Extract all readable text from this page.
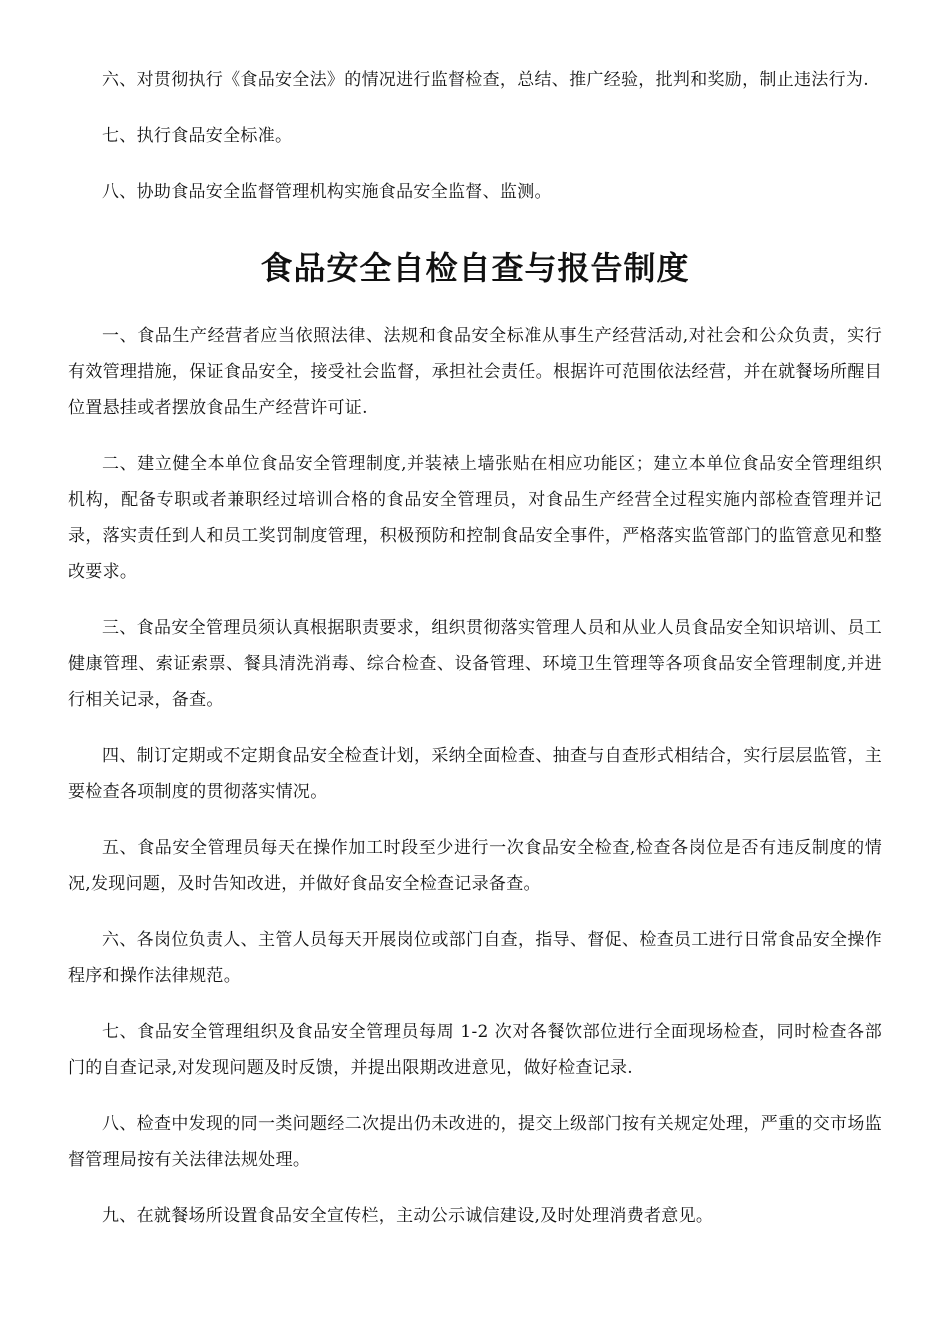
六、对贯彻执行《食品安全法》的情况进行监督检查，总结、推广经验，批判和奖励，制止违法行为.

七、执行食品安全标准。

八、协助食品安全监督管理机构实施食品安全监督、监测。

食品安全自检自查与报告制度

一、食品生产经营者应当依照法律、法规和食品安全标准从事生产经营活动,对社会和公众负责，实行有效管理措施，保证食品安全，接受社会监督，承担社会责任。根据许可范围依法经营，并在就餐场所醒目位置悬挂或者摆放食品生产经营许可证.

二、建立健全本单位食品安全管理制度,并装裱上墙张贴在相应功能区；建立本单位食品安全管理组织机构，配备专职或者兼职经过培训合格的食品安全管理员，对食品生产经营全过程实施内部检查管理并记录，落实责任到人和员工奖罚制度管理，积极预防和控制食品安全事件，严格落实监管部门的监管意见和整改要求。

三、食品安全管理员须认真根据职责要求，组织贯彻落实管理人员和从业人员食品安全知识培训、员工健康管理、索证索票、餐具清洗消毒、综合检查、设备管理、环境卫生管理等各项食品安全管理制度,并进行相关记录，备查。

四、制订定期或不定期食品安全检查计划，采纳全面检查、抽查与自查形式相结合，实行层层监管，主要检查各项制度的贯彻落实情况。

五、食品安全管理员每天在操作加工时段至少进行一次食品安全检查,检查各岗位是否有违反制度的情况,发现问题，及时告知改进，并做好食品安全检查记录备查。

六、各岗位负责人、主管人员每天开展岗位或部门自查，指导、督促、检查员工进行日常食品安全操作程序和操作法律规范。

七、食品安全管理组织及食品安全管理员每周 1-2 次对各餐饮部位进行全面现场检查，同时检查各部门的自查记录,对发现问题及时反馈，并提出限期改进意见，做好检查记录.

八、检查中发现的同一类问题经二次提出仍未改进的，提交上级部门按有关规定处理，严重的交市场监督管理局按有关法律法规处理。

九、在就餐场所设置食品安全宣传栏，主动公示诚信建设,及时处理消费者意见。
